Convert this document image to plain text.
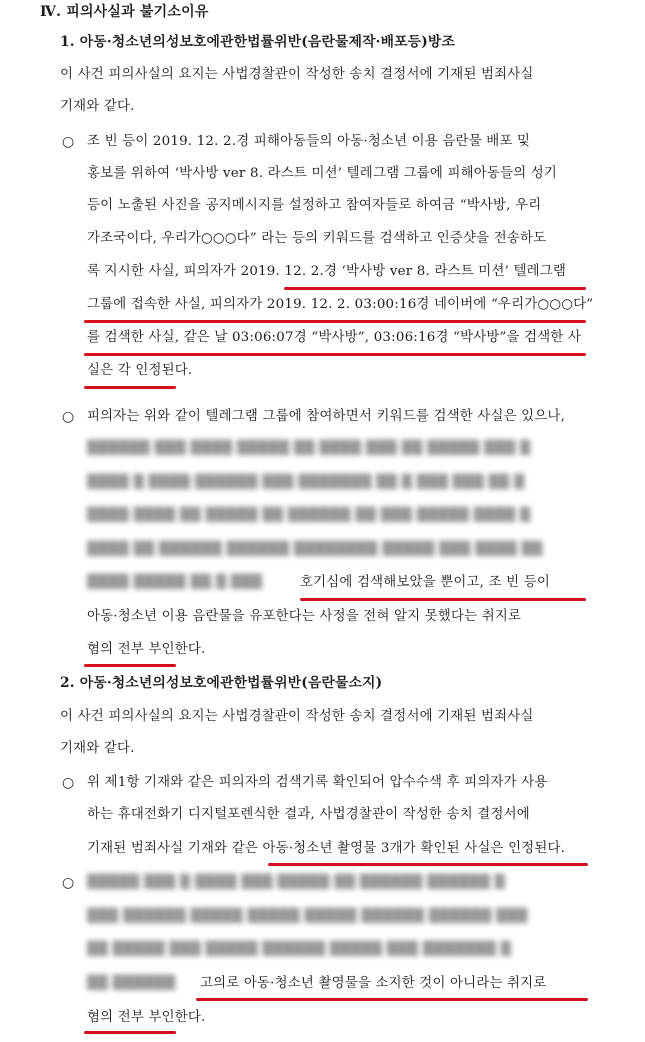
Ⅳ. 피의사실과 불기소이유
1. 아동·청소년의성보호에관한법률위반(음란물제작·배포등)방조
이 사건 피의사실의 요지는 사법경찰관이 작성한 송치 결정서에 기재된 범죄사실
기재와 같다.
○ 조 빈 등이 2019. 12. 2.경 피해아동들의 아동·청소년 이용 음란물 배포 및
홍보를 위하여 ‘박사방 ver 8. 라스트 미션’ 텔레그램 그룹에 피해아동들의 성기
등이 노출된 사진을 공지메시지를 설정하고 참여자들로 하여금 “박사방, 우리
가조국이다, 우리가○○○다” 라는 등의 키워드를 검색하고 인증샷을 전송하도
록 지시한 사실, 피의자가 2019. 12. 2.경 ‘박사방 ver 8. 라스트 미션’ 텔레그램
그룹에 접속한 사실, 피의자가 2019. 12. 2. 03:00:16경 네이버에 “우리가○○○다”
를 검색한 사실, 같은 날 03:06:07경 “박사방”, 03:06:16경 “박사방”을 검색한 사
실은 각 인정된다.
○ 피의자는 위와 같이 텔레그램 그룹에 참여하면서 키워드를 검색한 사실은 있으나,
▒▒▒▒▒▒ ▒▒▒ ▒▒▒▒ ▒▒▒▒▒ ▒▒ ▒▒▒▒ ▒▒▒ ▒▒ ▒▒▒▒▒ ▒▒▒ ▒
▒▒▒▒ ▒ ▒▒▒▒ ▒▒▒▒▒▒ ▒▒▒ ▒▒▒▒▒▒▒ ▒▒ ▒ ▒▒▒ ▒▒▒ ▒▒ ▒
▒▒▒▒ ▒▒▒▒ ▒▒ ▒▒▒▒▒ ▒▒ ▒▒▒▒▒▒ ▒▒ ▒▒▒ ▒▒▒▒▒ ▒▒▒▒ ▒
▒▒▒▒ ▒▒ ▒▒▒▒▒▒ ▒▒▒▒▒▒ ▒▒▒▒▒▒▒▒ ▒▒▒▒▒ ▒▒▒ ▒▒▒▒ ▒▒
▒▒▒▒ ▒▒▒▒▒ ▒▒ ▒ ▒▒▒	호기심에 검색해보았을 뿐이고, 조 빈 등이
아동·청소년 이용 음란물을 유포한다는 사정을 전혀 알지 못했다는 취지로
혐의 전부 부인한다.
2. 아동·청소년의성보호에관한법률위반(음란물소지)
이 사건 피의사실의 요지는 사법경찰관이 작성한 송치 결정서에 기재된 범죄사실
기재와 같다.
○ 위 제1항 기재와 같은 피의자의 검색기록 확인되어 압수수색 후 피의자가 사용
하는 휴대전화기 디지털포렌식한 결과, 사법경찰관이 작성한 송치 결정서에
기재된 범죄사실 기재와 같은 아동·청소년 촬영물 3개가 확인된 사실은 인정된다.
○ ▒▒▒▒▒ ▒▒▒ ▒ ▒▒▒▒ ▒▒▒ ▒▒▒▒▒ ▒▒ ▒▒▒▒▒▒ ▒▒▒▒▒▒ ▒
▒▒▒ ▒▒▒▒▒▒ ▒▒▒▒▒ ▒▒▒▒▒ ▒▒▒▒▒ ▒▒▒▒▒▒ ▒▒▒▒▒▒ ▒▒▒
▒▒ ▒▒▒▒▒ ▒▒▒ ▒▒▒▒▒ ▒▒▒▒▒▒ ▒▒▒▒▒ ▒▒▒ ▒▒▒▒▒▒▒ ▒
▒▒ ▒▒▒▒▒▒ 고의로 아동·청소년 촬영물을 소지한 것이 아니라는 취지로
혐의 전부 부인한다.
